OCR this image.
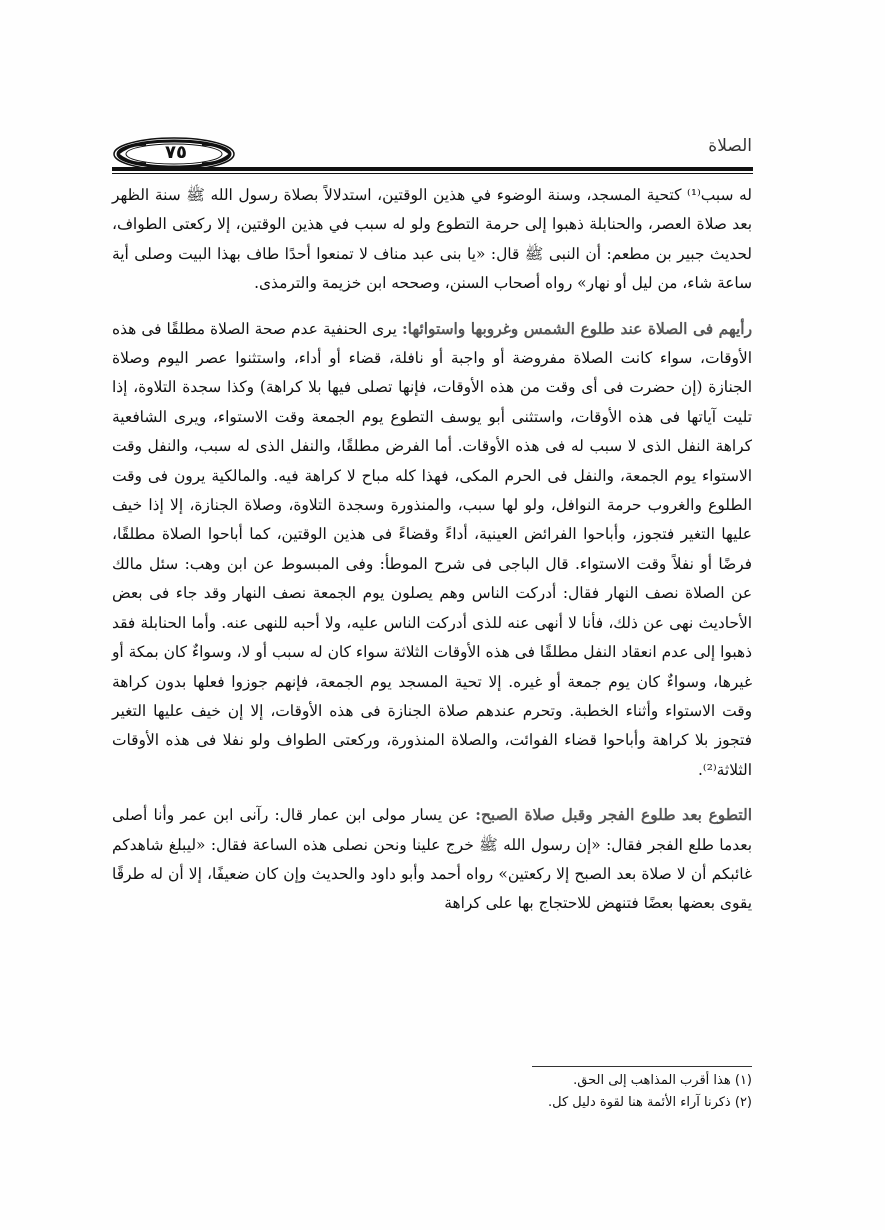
الصلاة
٧٥

له سبب⁽¹⁾ كتحية المسجد، وسنة الوضوء في هذين الوقتين، استدلالاً بصلاة رسول الله ﷺ سنة الظهر بعد صلاة العصر، والحنابلة ذهبوا إلى حرمة التطوع ولو له سبب في هذين الوقتين، إلا ركعتى الطواف، لحديث جبير بن مطعم: أن النبى ﷺ قال: «يا بنى عبد مناف لا تمنعوا أحدًا طاف بهذا البيت وصلى أية ساعة شاء، من ليل أو نهار» رواه أصحاب السنن، وصححه ابن خزيمة والترمذى.

رأيهم فى الصلاة عند طلوع الشمس وغروبها واستوائها: يرى الحنفية عدم صحة الصلاة مطلقًا فى هذه الأوقات، سواء كانت الصلاة مفروضة أو واجبة أو نافلة، قضاء أو أداء، واستثنوا عصر اليوم وصلاة الجنازة (إن حضرت فى أى وقت من هذه الأوقات، فإنها تصلى فيها بلا كراهة) وكذا سجدة التلاوة، إذا تليت آياتها فى هذه الأوقات، واستثنى أبو يوسف التطوع يوم الجمعة وقت الاستواء، ويرى الشافعية كراهة النفل الذى لا سبب له فى هذه الأوقات. أما الفرض مطلقًا، والنفل الذى له سبب، والنفل وقت الاستواء يوم الجمعة، والنفل فى الحرم المكى، فهذا كله مباح لا كراهة فيه. والمالكية يرون فى وقت الطلوع والغروب حرمة النوافل، ولو لها سبب، والمنذورة وسجدة التلاوة، وصلاة الجنازة، إلا إذا خيف عليها التغير فتجوز، وأباحوا الفرائض العينية، أداءً وقضاءً فى هذين الوقتين، كما أباحوا الصلاة مطلقًا، فرضًا أو نفلاً وقت الاستواء. قال الباجى فى شرح الموطأ: وفى المبسوط عن ابن وهب: سئل مالك عن الصلاة نصف النهار فقال: أدركت الناس وهم يصلون يوم الجمعة نصف النهار وقد جاء فى بعض الأحاديث نهى عن ذلك، فأنا لا أنهى عنه للذى أدركت الناس عليه، ولا أحبه للنهى عنه. وأما الحنابلة فقد ذهبوا إلى عدم انعقاد النفل مطلقًا فى هذه الأوقات الثلاثة سواء كان له سبب أو لا، وسواءٌ كان بمكة أو غيرها، وسواءٌ كان يوم جمعة أو غيره. إلا تحية المسجد يوم الجمعة، فإنهم جوزوا فعلها بدون كراهة وقت الاستواء وأثناء الخطبة. وتحرم عندهم صلاة الجنازة فى هذه الأوقات، إلا إن خيف عليها التغير فتجوز بلا كراهة وأباحوا قضاء الفوائت، والصلاة المنذورة، وركعتى الطواف ولو نفلا فى هذه الأوقات الثلاثة⁽²⁾.

التطوع بعد طلوع الفجر وقبل صلاة الصبح: عن يسار مولى ابن عمار قال: رآنى ابن عمر وأنا أصلى بعدما طلع الفجر فقال: «إن رسول الله ﷺ خرج علينا ونحن نصلى هذه الساعة فقال: «ليبلغ شاهدكم غائبكم أن لا صلاة بعد الصبح إلا ركعتين» رواه أحمد وأبو داود والحديث وإن كان ضعيفًا، إلا أن له طرقًا يقوى بعضها بعضًا فتنهض للاحتجاج بها على كراهة

(١) هذا أقرب المذاهب إلى الحق.
(٢) ذكرنا آراء الأئمة هنا لقوة دليل كل.
